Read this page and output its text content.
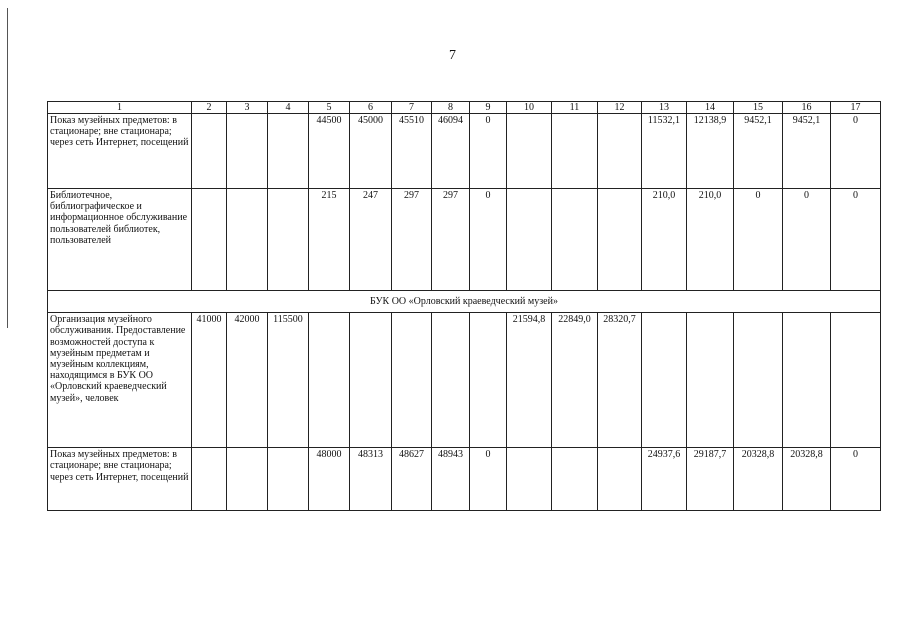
7
1	2	3	4	5	6	7	8	9	10	11	12	13	14	15	16	17
Показ музейных предметов: в стационаре; вне стационара; через сеть Интернет, посещений				44500	45000	45510	46094	0				11532,1	12138,9	9452,1	9452,1	0
Библиотечное, библиографическое и информационное обслуживание пользователей библиотек, пользователей				215	247	297	297	0				210,0	210,0	0	0	0
БУК ОО «Орловский краеведческий музей»																
Организация музейного обслуживания. Предоставление возможностей доступа к музейным предметам и музейным коллекциям, находящимся в БУК ОО «Орловский краеведческий музей», человек	41000	42000	115500						21594,8	22849,0	28320,7					
Показ музейных предметов: в стационаре; вне стационара; через сеть Интернет, посещений				48000	48313	48627	48943	0				24937,6	29187,7	20328,8	20328,8	0
